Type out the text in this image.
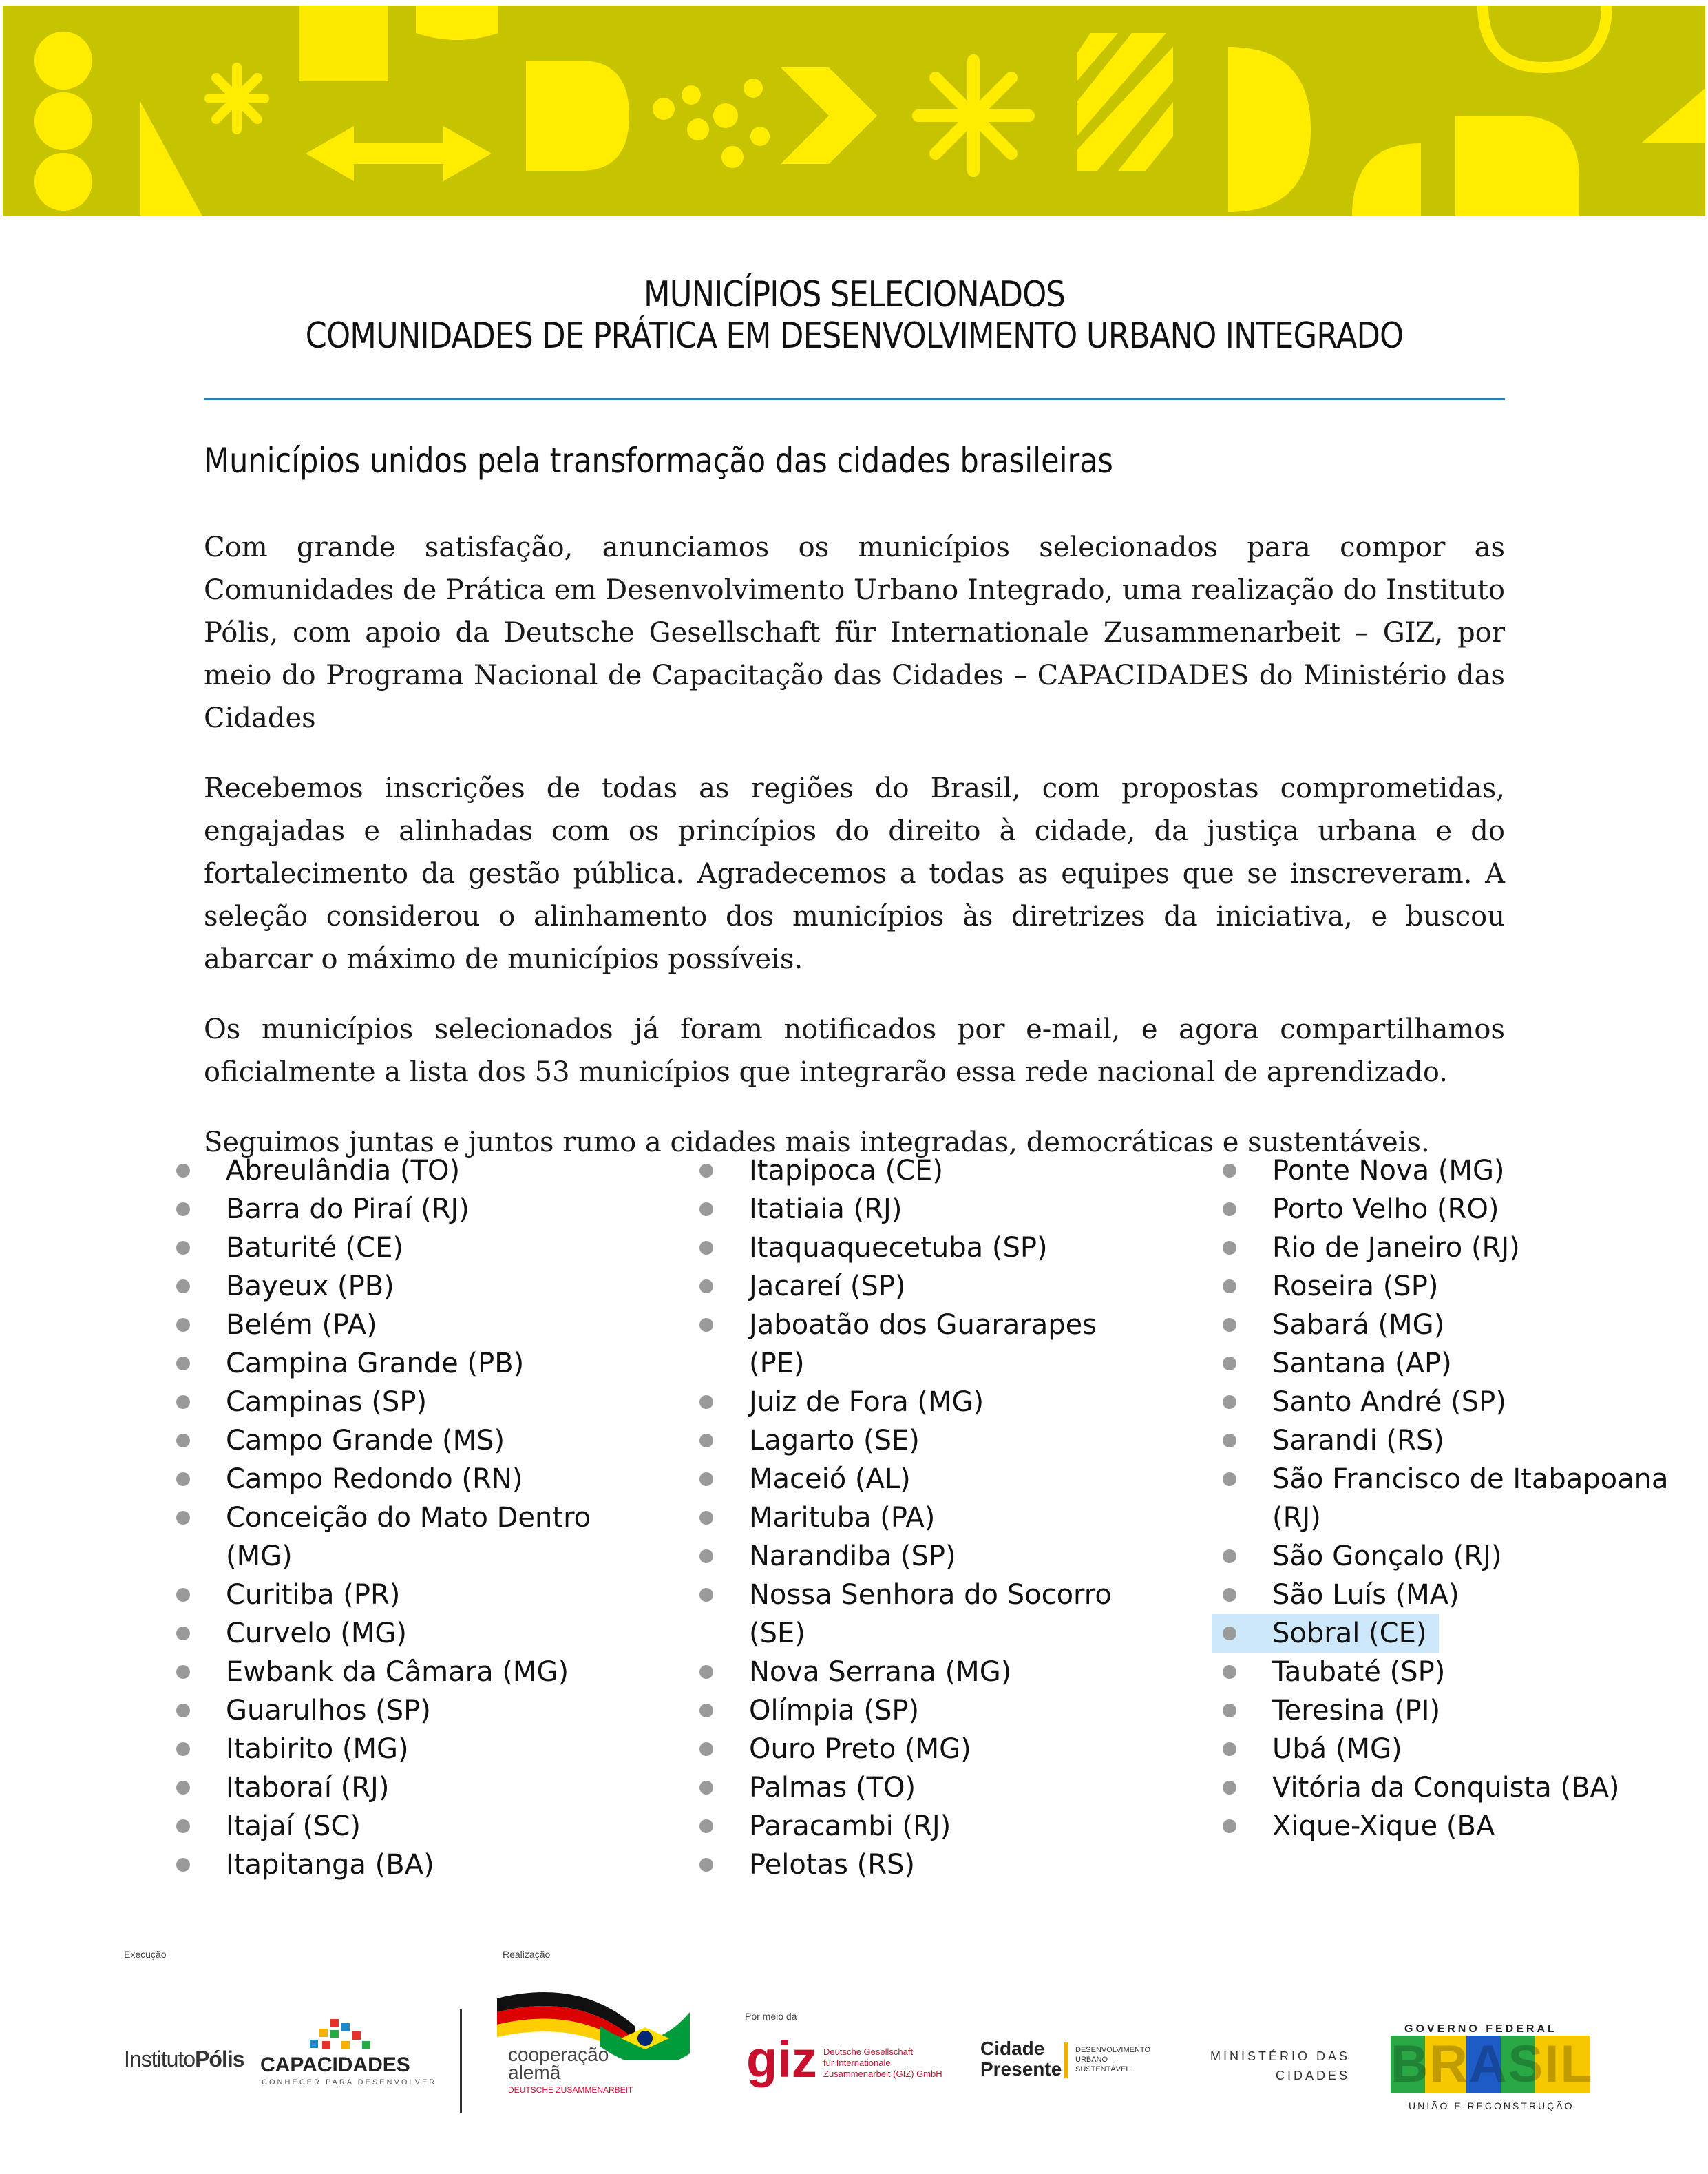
MUNICÍPIOS SELECIONADOS
COMUNIDADES DE PRÁTICA EM DESENVOLVIMENTO URBANO INTEGRADO
Municípios unidos pela transformação das cidades brasileiras

Com grande satisfação, anunciamos os municípios selecionados para compor as Comunidades de Prática em Desenvolvimento Urbano Integrado, uma realização do Instituto Pólis, com apoio da Deutsche Gesellschaft für Internationale Zusammenarbeit – GIZ, por meio do Programa Nacional de Capacitação das Cidades – CAPACIDADES do Ministério das Cidades

Recebemos inscrições de todas as regiões do Brasil, com propostas comprometidas, engajadas e alinhadas com os princípios do direito à cidade, da justiça urbana e do fortalecimento da gestão pública. Agradecemos a todas as equipes que se inscreveram. A seleção considerou o alinhamento dos municípios às diretrizes da iniciativa, e buscou abarcar o máximo de municípios possíveis.

Os municípios selecionados já foram notificados por e-mail, e agora compartilhamos oficialmente a lista dos 53 municípios que integrarão essa rede nacional de aprendizado.

Seguimos juntas e juntos rumo a cidades mais integradas, democráticas e sustentáveis.

Abreulândia (TO)
Barra do Piraí (RJ)
Baturité (CE)
Bayeux (PB)
Belém (PA)
Campina Grande (PB)
Campinas (SP)
Campo Grande (MS)
Campo Redondo (RN)
Conceição do Mato Dentro (MG)
Curitiba (PR)
Curvelo (MG)
Ewbank da Câmara (MG)
Guarulhos (SP)
Itabirito (MG)
Itaboraí (RJ)
Itajaí (SC)
Itapitanga (BA)
Itapipoca (CE)
Itatiaia (RJ)
Itaquaquecetuba (SP)
Jacareí (SP)
Jaboatão dos Guararapes (PE)
Juiz de Fora (MG)
Lagarto (SE)
Maceió (AL)
Marituba (PA)
Narandiba (SP)
Nossa Senhora do Socorro (SE)
Nova Serrana (MG)
Olímpia (SP)
Ouro Preto (MG)
Palmas (TO)
Paracambi (RJ)
Pelotas (RS)
Ponte Nova (MG)
Porto Velho (RO)
Rio de Janeiro (RJ)
Roseira (SP)
Sabará (MG)
Santana (AP)
Santo André (SP)
Sarandi (RS)
São Francisco de Itabapoana (RJ)
São Gonçalo (RJ)
São Luís (MA)
Sobral (CE)
Taubaté (SP)
Teresina (PI)
Ubá (MG)
Vitória da Conquista (BA)
Xique-Xique (BA
Execução	Realização
Por meio da
InstitutoPólis CAPACIDADES
CONHECER PARA DESENVOLVER
cooperação
alemã
DEUTSCHE ZUSAMMENARBEIT
giz Deutsche Gesellschaft
für Internationale
Zusammenarbeit (GIZ) GmbH
Cidade
Presente
DESENVOLVIMENTO
URBANO
SUSTENTÁVEL
MINISTÉRIO DAS
CIDADES
GOVERNO FEDERAL
BRASIL
UNIÃO E RECONSTRUÇÃO
